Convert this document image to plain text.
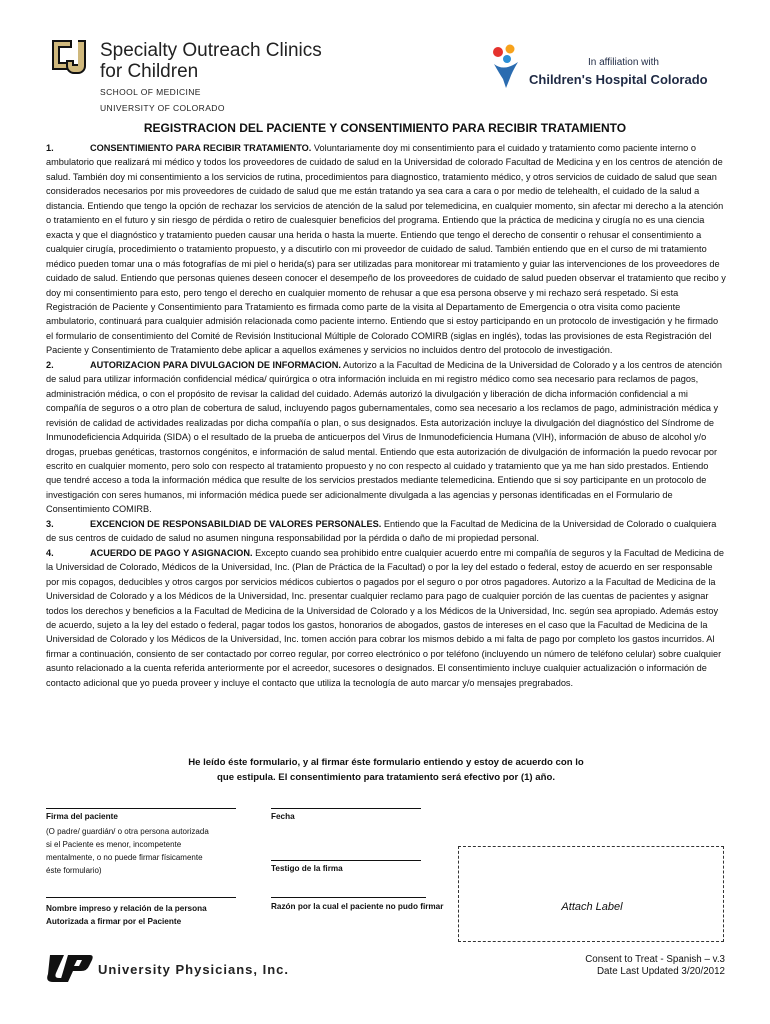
Specialty Outreach Clinics
for Children
SCHOOL OF MEDICINE
UNIVERSITY OF COLORADO
In affiliation with
Children's Hospital Colorado
REGISTRACION DEL PACIENTE Y CONSENTIMIENTO PARA RECIBIR TRATAMIENTO

1.	CONSENTIMIENTO PARA RECIBIR TRATAMIENTO. Voluntariamente doy mi consentimiento para el cuidado y tratamiento como paciente interno o ambulatorio que realizará mi médico y todos los proveedores de cuidado de salud en la Universidad de colorado Facultad de Medicina y en los centros de atención de salud. También doy mi consentimiento a los servicios de rutina, procedimientos para diagnostico, tratamiento médico, y otros servicios de cuidado de salud que sean considerados necesarios por mis proveedores de cuidado de salud que me están tratando ya sea cara a cara o por medio de telehealth, el cuidado de la salud a distancia. Entiendo que tengo la opción de rechazar los servicios de atención de la salud por telemedicina, en cualquier momento, sin afectar mi derecho a la atención o tratamiento en el futuro y sin riesgo de pérdida o retiro de cualesquier beneficios del programa. Entiendo que la práctica de medicina y cirugía no es una ciencia exacta y que el diagnóstico y tratamiento pueden causar una herida o hasta la muerte. Entiendo que tengo el derecho de consentir o rehusar el consentimiento a cualquier cirugía, procedimiento o tratamiento propuesto, y a discutirlo con mi proveedor de cuidado de salud. También entiendo que en el curso de mi tratamiento médico pueden tomar una o más fotografías de mi piel o herida(s) para ser utilizadas para monitorear mi tratamiento y guiar las intervenciones de los proveedores de cuidado de salud. Entiendo que personas quienes deseen conocer el desempeño de los proveedores de cuidado de salud pueden observar el tratamiento que recibo y doy mi consentimiento para esto, pero tengo el derecho en cualquier momento de rehusar a que esa persona observe y mi rechazo será respetado. Si esta Registración de Paciente y Consentimiento para Tratamiento es firmada como parte de la visita al Departamento de Emergencia o otra visita como paciente ambulatorio, continuará para cualquier admisión relacionada como paciente interno. Entiendo que si estoy participando en un protocolo de investigación y he firmado el formulario de consentimiento del Comité de Revisión Institucional Múltiple de Colorado COMIRB (siglas en inglés), todas las provisiones de esta Registración del Paciente y Consentimiento de Tratamiento debe aplicar a aquellos exámenes y servicios no incluidos dentro del protocolo de investigación.

2.	AUTORIZACION PARA DIVULGACION DE INFORMACION. Autorizo a la Facultad de Medicina de la Universidad de Colorado y a los centros de atención de salud para utilizar información confidencial médica/ quirúrgica o otra información incluida en mi registro médico como sea necesario para reclamos de pagos, administración médica, o con el propósito de revisar la calidad del cuidado. Además autorizó la divulgación y liberación de dicha información confidencial a mi compañía de seguros o a otro plan de cobertura de salud, incluyendo pagos gubernamentales, como sea necesario a los reclamos de pago, administración médica y revisión de calidad de actividades realizadas por dicha compañía o plan, o sus designados. Esta autorización incluye la divulgación del diagnóstico del Síndrome de Inmunodeficiencia Adquirida (SIDA) o el resultado de la prueba de anticuerpos del Virus de Inmunodeficiencia Humana (VIH), información de abuso de alcohol y/o drogas, pruebas genéticas, trastornos congénitos, e información de salud mental. Entiendo que esta autorización de divulgación de información la puedo revocar por escrito en cualquier momento, pero solo con respecto al tratamiento propuesto y no con respecto al cuidado y tratamiento que ya me han sido prestados. Entiendo que tendré acceso a toda la información médica que resulte de los servicios prestados mediante telemedicina. Entiendo que si soy participante en un protocolo de investigación con seres humanos, mi información médica puede ser adicionalmente divulgada a las agencias y personas identificadas en el Formulario de Consentimiento COMIRB.

3.	EXCENCION DE RESPONSABILDIAD DE VALORES PERSONALES. Entiendo que la Facultad de Medicina de la Universidad de Colorado o cualquiera de sus centros de cuidado de salud no asumen ninguna responsabilidad por la pérdida o daño de mi propiedad personal.

4.	ACUERDO DE PAGO Y ASIGNACION. Excepto cuando sea prohibido entre cualquier acuerdo entre mi compañía de seguros y la Facultad de Medicina de la Universidad de Colorado, Médicos de la Universidad, Inc. (Plan de Práctica de la Facultad) o por la ley del estado o federal, estoy de acuerdo en ser responsable por mis copagos, deducibles y otros cargos por servicios médicos cubiertos o pagados por el seguro o por otros pagadores. Autorizo a la Facultad de Medicina de la Universidad de Colorado y a los Médicos de la Universidad, Inc. presentar cualquier reclamo para pago de cualquier porción de las cuentas de pacientes y asignar todos los derechos y beneficios a la Facultad de Medicina de la Universidad de Colorado y a los Médicos de la Universidad, Inc. según sea apropiado. Además estoy de acuerdo, sujeto a la ley del estado o federal, pagar todos los gastos, honorarios de abogados, gastos de intereses en el caso que la Facultad de Medicina de la Universidad de Colorado y los Médicos de la Universidad, Inc. tomen acción para cobrar los mismos debido a mi falta de pago por completo los gastos incurridos. Al firmar a continuación, consiento de ser contactado por correo regular, por correo electrónico o por teléfono (incluyendo un número de teléfono celular) sobre cualquier asunto relacionado a la cuenta referida anteriormente por el acreedor, sucesores o designados. El consentimiento incluye cualquier actualización o información de contacto adicional que yo pueda proveer y incluye el contacto que utiliza la tecnología de auto marcar y/o mensajes pregrabados.

He leído éste formulario, y al firmar éste formulario entiendo y estoy de acuerdo con lo
que estipula. El consentimiento para tratamiento será efectivo por (1) año.
Firma del paciente
(O padre/ guardián/ o otra persona autorizada
si el Paciente es menor, incompetente
mentalmente, o no puede firmar físicamente
éste formulario)
Nombre impreso y relación de la persona
Autorizada a firmar por el Paciente
Fecha
Testigo de la firma
Razón por la cual el paciente no pudo firmar	Attach Label
University Physicians, Inc.
Consent to Treat - Spanish – v.3
Date Last Updated 3/20/2012
